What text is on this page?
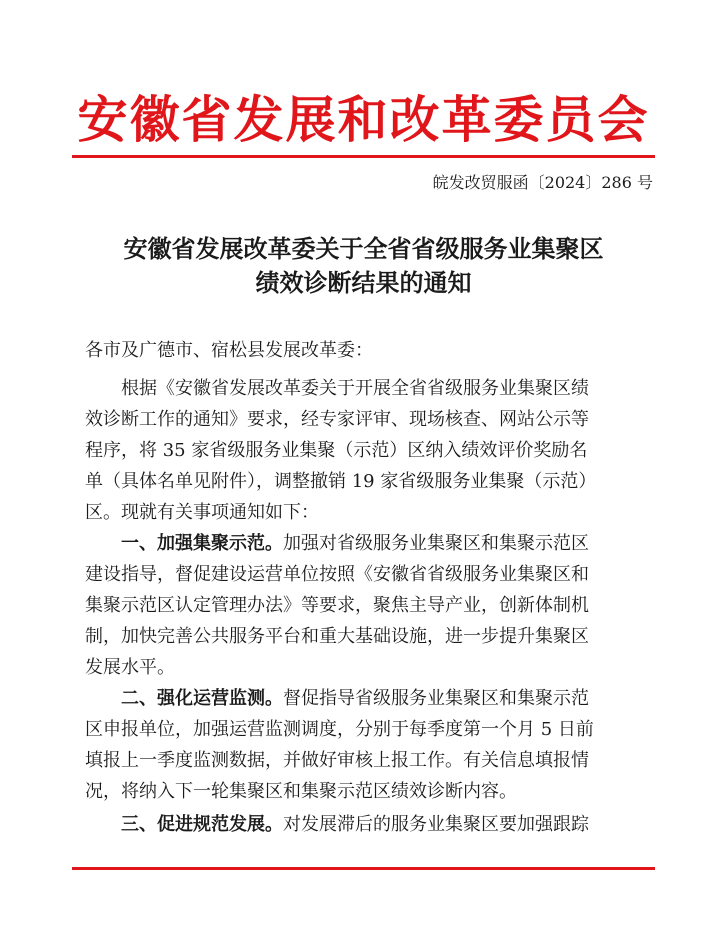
安徽省发展和改革委员会
皖发改贸服函〔2024〕286 号
安徽省发展改革委关于全省省级服务业集聚区
绩效诊断结果的通知
各市及广德市、宿松县发展改革委：
　　根据《安徽省发展改革委关于开展全省省级服务业集聚区绩
效诊断工作的通知》要求，经专家评审、现场核查、网站公示等
程序，将 35 家省级服务业集聚（示范）区纳入绩效评价奖励名
单（具体名单见附件），调整撤销 19 家省级服务业集聚（示范）
区。现就有关事项通知如下：
　　一、加强集聚示范。加强对省级服务业集聚区和集聚示范区
建设指导，督促建设运营单位按照《安徽省省级服务业集聚区和
集聚示范区认定管理办法》等要求，聚焦主导产业，创新体制机
制，加快完善公共服务平台和重大基础设施，进一步提升集聚区
发展水平。
　　二、强化运营监测。督促指导省级服务业集聚区和集聚示范
区申报单位，加强运营监测调度，分别于每季度第一个月 5 日前
填报上一季度监测数据，并做好审核上报工作。有关信息填报情
况，将纳入下一轮集聚区和集聚示范区绩效诊断内容。
　　三、促进规范发展。对发展滞后的服务业集聚区要加强跟踪
